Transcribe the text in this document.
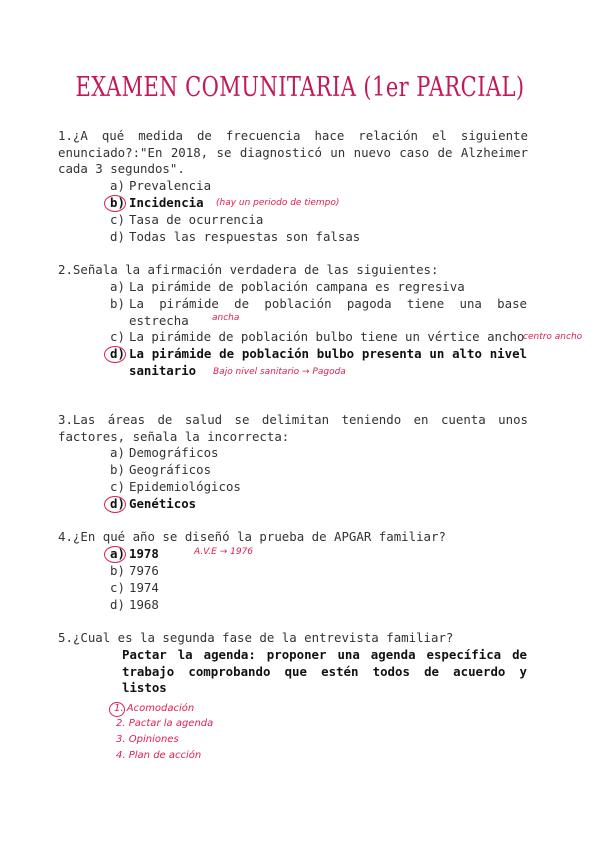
EXAMEN COMUNITARIA (1er PARCIAL)
1.¿A qué medida de frecuencia hace relación el siguiente enunciado?:"En 2018, se diagnosticó un nuevo caso de Alzheimer cada 3 segundos".
a) Prevalencia
b) Incidencia (hay un periodo de tiempo)
c) Tasa de ocurrencia
d) Todas las respuestas son falsas
2.Señala la afirmación verdadera de las siguientes:
a) La pirámide de población campana es regresiva
b) La pirámide de población pagoda tiene una base estrecha	ancha
c) La pirámide de población bulbo tiene un vértice ancho
centro ancho
d) La pirámide de población bulbo presenta un alto nivel sanitario	Bajo nivel sanitario → Pagoda
3.Las áreas de salud se delimitan teniendo en cuenta unos factores, señala la incorrecta:
a) Demográficos
b) Geográficos
c) Epidemiológicos
d) Genéticos
4.¿En qué año se diseñó la prueba de APGAR familiar?
a) 1978	A.V.E → 1976
b) 7976
c) 1974
d) 1968
5.¿Cual es la segunda fase de la entrevista familiar?
Pactar la agenda: proponer una agenda específica de trabajo comprobando que estén todos de acuerdo y listos
1. Acomodación
2. Pactar la agenda
3. Opiniones
4. Plan de acción
